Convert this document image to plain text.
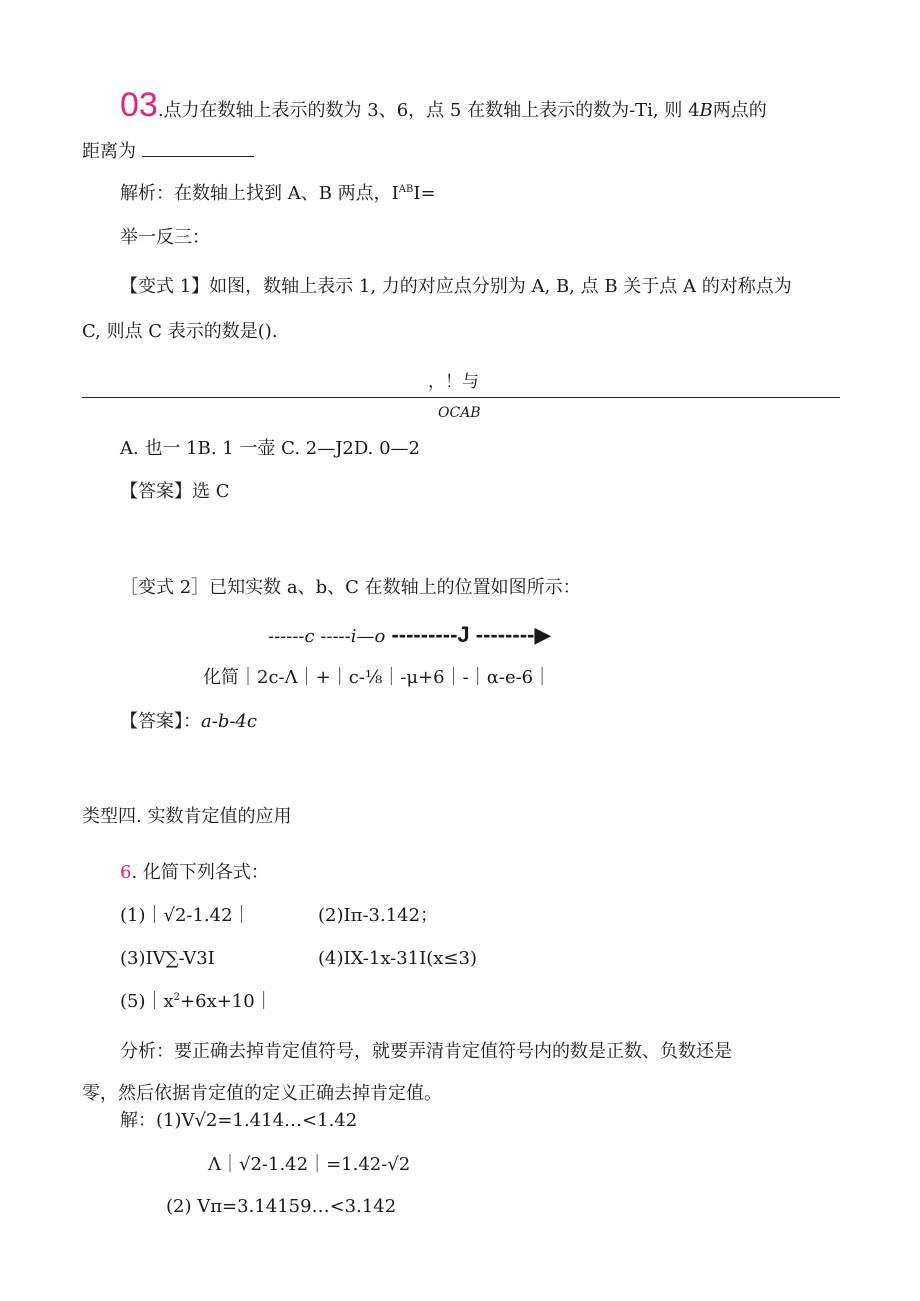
03.点力在数轴上表示的数为 3、6，点 5 在数轴上表示的数为-Ti, 则 4B两点的
距离为
解析：在数轴上找到 A、B 两点，$I^{AB}I=$
举一反三：
【变式 1】如图，数轴上表示 1, 力的对应点分别为 A, B, 点 B 关于点 A 的对称点为
C, 则点 C 表示的数是().
，！与
OCAB
A. 也一 1B. 1 一壶 C. 2—J2D. 0—2
【答案】选 C
［变式 2］已知实数 a、b、C 在数轴上的位置如图所示：
------c -----i—o ---------J --------▶
化简｜2c-Λ｜+｜c-⅛｜-μ+6｜-｜α-e-6｜
【答案】：a-b-4c
类型四. 实数肯定值的应用
6. 化简下列各式：
(1)｜√2-1.42｜	(2)Iπ-3.142；
(3)IV∑-V3I	(4)IX-1x-31I(x≤3)
$(5)|x^2+6x+10|$
分析：要正确去掉肯定值符号，就要弄清肯定值符号内的数是正数、负数还是
零，然后依据肯定值的定义正确去掉肯定值。
解：(1)V√2=1.414…<1.42
Λ｜√2-1.42｜=1.42-√2
(2) Vπ=3.14159…<3.142
